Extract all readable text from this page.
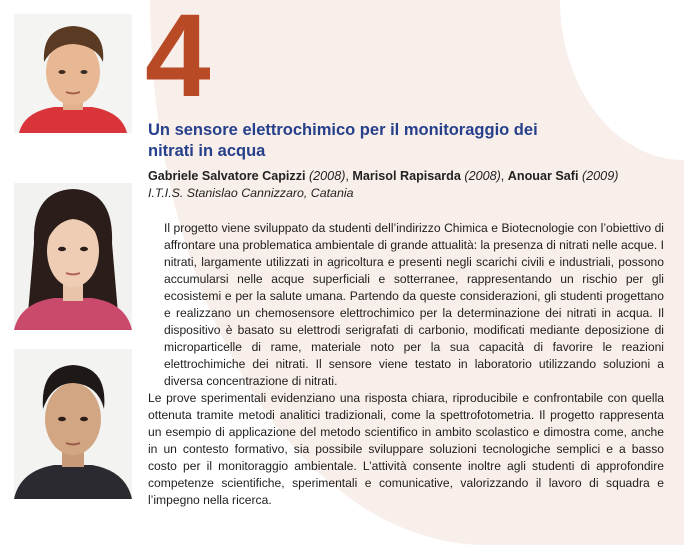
4
Un sensore elettrochimico per il monitoraggio dei nitrati in acqua
Gabriele Salvatore Capizzi (2008), Marisol Rapisarda (2008), Anouar Safi (2009)
I.T.I.S. Stanislao Cannizzaro, Catania

Il progetto viene sviluppato da studenti dell’indirizzo Chimica e Biotecnologie con l’obiettivo di affrontare una problematica ambientale di grande attualità: la presenza di nitrati nelle acque. I nitrati, largamente utilizzati in agricoltura e presenti negli scarichi civili e industriali, possono accumularsi nelle acque superficiali e sotterranee, rappresentando un rischio per gli ecosistemi e per la salute umana. Partendo da queste considerazioni, gli studenti progettano e realizzano un chemosensore elettrochimico per la determinazione dei nitrati in acqua. Il dispositivo è basato su elettrodi serigrafati di carbonio, modificati mediante deposizione di microparticelle di rame, materiale noto per la sua capacità di favorire le reazioni elettrochimiche dei nitrati. Il sensore viene testato in laboratorio utilizzando soluzioni a diversa concentrazione di nitrati.

Le prove sperimentali evidenziano una risposta chiara, riproducibile e confrontabile con quella ottenuta tramite metodi analitici tradizionali, come la spettrofotometria. Il progetto rappresenta un esempio di applicazione del metodo scientifico in ambito scolastico e dimostra come, anche in un contesto formativo, sia possibile sviluppare soluzioni tecnologiche semplici e a basso costo per il monitoraggio ambientale. L’attività consente inoltre agli studenti di approfondire competenze scientifiche, sperimentali e comunicative, valorizzando il lavoro di squadra e l’impegno nella ricerca.
